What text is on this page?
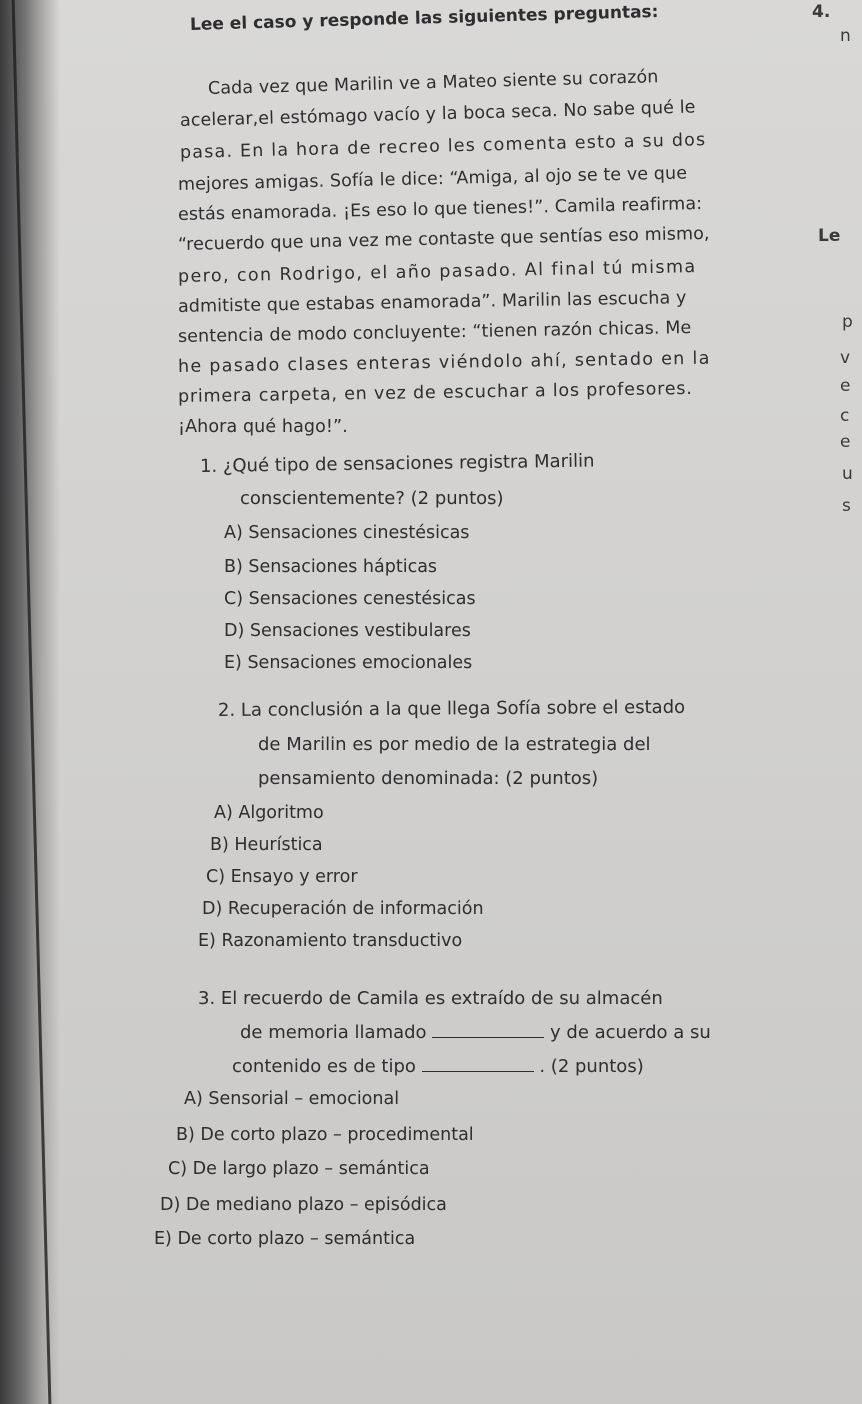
Lee el caso y responde las siguientes preguntas:
Cada vez que Marilin ve a Mateo siente su corazón
acelerar,el estómago vacío y la boca seca. No sabe qué le
pasa. En la hora de recreo les comenta esto a su dos
mejores amigas. Sofía le dice: “Amiga, al ojo se te ve que
estás enamorada. ¡Es eso lo que tienes!”. Camila reafirma:
“recuerdo que una vez me contaste que sentías eso mismo,
pero, con Rodrigo, el año pasado. Al final tú misma
admitiste que estabas enamorada”. Marilin las escucha y
sentencia de modo concluyente: “tienen razón chicas. Me
he pasado clases enteras viéndolo ahí, sentado en la
primera carpeta, en vez de escuchar a los profesores.
¡Ahora qué hago!”.
1. ¿Qué tipo de sensaciones registra Marilin
conscientemente? (2 puntos)
A) Sensaciones cinestésicas
B) Sensaciones hápticas
C) Sensaciones cenestésicas
D) Sensaciones vestibulares
E) Sensaciones emocionales
2. La conclusión a la que llega Sofía sobre el estado
de Marilin es por medio de la estrategia del
pensamiento denominada: (2 puntos)
A) Algoritmo
B) Heurística
C) Ensayo y error
D) Recuperación de información
E) Razonamiento transductivo
3. El recuerdo de Camila es extraído de su almacén
de memoria llamado	y de acuerdo a su
contenido es de tipo	. (2 puntos)
A) Sensorial – emocional
B) De corto plazo – procedimental
C) De largo plazo – semántica
D) De mediano plazo – episódica
E) De corto plazo – semántica
4.
n
Le
p
v
e
c
e
u
s
